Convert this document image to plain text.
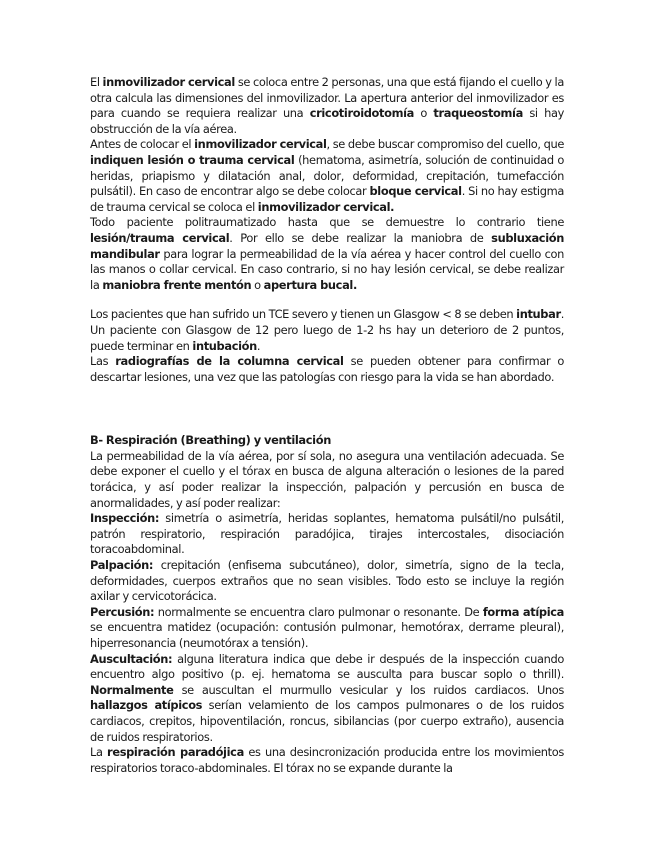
El inmovilizador cervical se coloca entre 2 personas, una que está fijando el cuello y la otra calcula las dimensiones del inmovilizador. La apertura anterior del inmovilizador es para cuando se requiera realizar una cricotiroidotomía o traqueostomía si hay obstrucción de la vía aérea.

Antes de colocar el inmovilizador cervical, se debe buscar compromiso del cuello, que indiquen lesión o trauma cervical (hematoma, asimetría, solución de continuidad o heridas, priapismo y dilatación anal, dolor, deformidad, crepitación, tumefacción pulsátil). En caso de encontrar algo se debe colocar bloque cervical. Si no hay estigma de trauma cervical se coloca el inmovilizador cervical.

Todo paciente politraumatizado hasta que se demuestre lo contrario tiene lesión/trauma cervical. Por ello se debe realizar la maniobra de subluxación mandibular para lograr la permeabilidad de la vía aérea y hacer control del cuello con las manos o collar cervical. En caso contrario, si no hay lesión cervical, se debe realizar la maniobra frente mentón o apertura bucal.

Los pacientes que han sufrido un TCE severo y tienen un Glasgow < 8 se deben intubar. Un paciente con Glasgow de 12 pero luego de 1-2 hs hay un deterioro de 2 puntos, puede terminar en intubación.

Las radiografías de la columna cervical se pueden obtener para confirmar o descartar lesiones, una vez que las patologías con riesgo para la vida se han abordado.

B- Respiración (Breathing) y ventilación

La permeabilidad de la vía aérea, por sí sola, no asegura una ventilación adecuada. Se debe exponer el cuello y el tórax en busca de alguna alteración o lesiones de la pared torácica, y así poder realizar la inspección, palpación y percusión en busca de anormalidades, y así poder realizar:

Inspección: simetría o asimetría, heridas soplantes, hematoma pulsátil/no pulsátil, patrón respiratorio, respiración paradójica, tirajes intercostales, disociación toracoabdominal.

Palpación: crepitación (enfisema subcutáneo), dolor, simetría, signo de la tecla, deformidades, cuerpos extraños que no sean visibles. Todo esto se incluye la región axilar y cervicotorácica.

Percusión: normalmente se encuentra claro pulmonar o resonante. De forma atípica se encuentra matidez (ocupación: contusión pulmonar, hemotórax, derrame pleural), hiperresonancia (neumotórax a tensión).

Auscultación: alguna literatura indica que debe ir después de la inspección cuando encuentro algo positivo (p. ej. hematoma se ausculta para buscar soplo o thrill). Normalmente se auscultan el murmullo vesicular y los ruidos cardiacos. Unos hallazgos atípicos serían velamiento de los campos pulmonares o de los ruidos cardiacos, crepitos, hipoventilación, roncus, sibilancias (por cuerpo extraño), ausencia de ruidos respiratorios.

La respiración paradójica es una desincronización producida entre los movimientos respiratorios toraco-abdominales. El tórax no se expande durante la
